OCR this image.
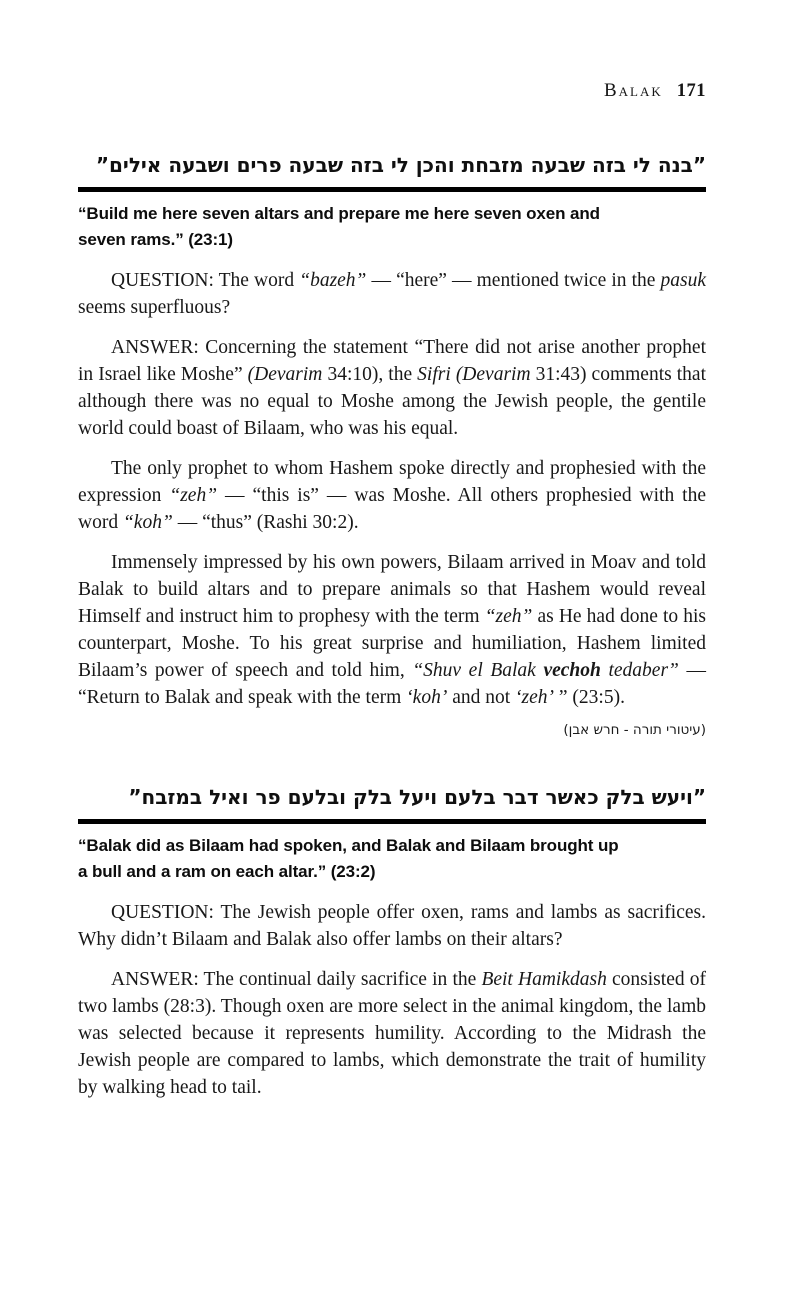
Balak 171
”בנה לי בזה שבעה מזבחת והכן לי בזה שבעה פרים ושבעה אילים”
“Build me here seven altars and prepare me here seven oxen and seven rams.” (23:1)

QUESTION: The word “bazeh” — “here” — mentioned twice in the pasuk seems superfluous?

ANSWER: Concerning the statement “There did not arise another prophet in Israel like Moshe” (Devarim 34:10), the Sifri (Devarim 31:43) comments that although there was no equal to Moshe among the Jewish people, the gentile world could boast of Bilaam, who was his equal.

The only prophet to whom Hashem spoke directly and prophesied with the expression “zeh” — “this is” — was Moshe. All others prophesied with the word “koh” — “thus” (Rashi 30:2).

Immensely impressed by his own powers, Bilaam arrived in Moav and told Balak to build altars and to prepare animals so that Hashem would reveal Himself and instruct him to prophesy with the term “zeh” as He had done to his counterpart, Moshe. To his great surprise and humiliation, Hashem limited Bilaam’s power of speech and told him, “Shuv el Balak vechoh tedaber” — “Return to Balak and speak with the term ‘koh’ and not ‘zeh’ ” (23:5).

(עיטורי תורה - חרש אבן)
”ויעש בלק כאשר דבר בלעם ויעל בלק ובלעם פר ואיל במזבח”
“Balak did as Bilaam had spoken, and Balak and Bilaam brought up a bull and a ram on each altar.” (23:2)

QUESTION: The Jewish people offer oxen, rams and lambs as sacrifices. Why didn’t Bilaam and Balak also offer lambs on their altars?

ANSWER: The continual daily sacrifice in the Beit Hamikdash consisted of two lambs (28:3). Though oxen are more select in the animal kingdom, the lamb was selected because it represents humility. According to the Midrash the Jewish people are compared to lambs, which demonstrate the trait of humility by walking head to tail.
